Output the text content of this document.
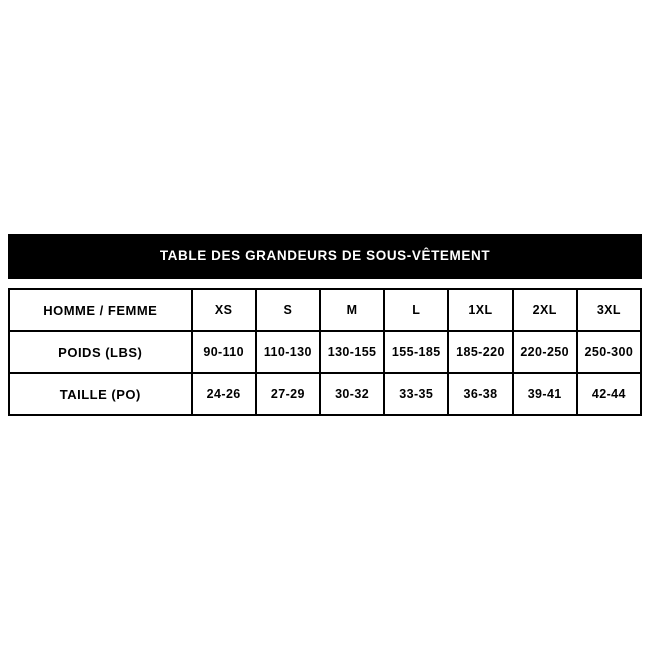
TABLE DES GRANDEURS DE SOUS-VÊTEMENT
HOMME / FEMME	XS	S	M	L	1XL	2XL	3XL
POIDS (LBS)	90-110	110-130	130-155	155-185	185-220	220-250	250-300
TAILLE (PO)	24-26	27-29	30-32	33-35	36-38	39-41	42-44
